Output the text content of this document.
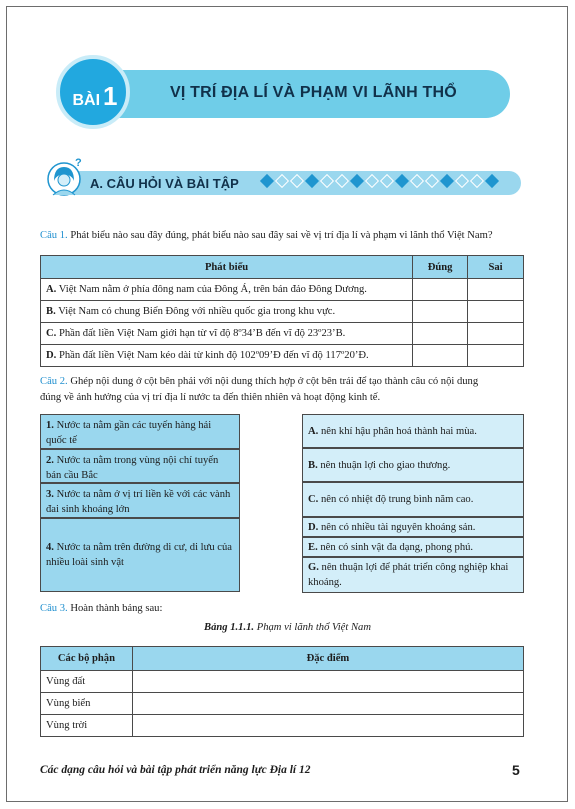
BÀI 1	VỊ TRÍ ĐỊA LÍ VÀ PHẠM VI LÃNH THỔ
?
A. CÂU HỎI VÀ BÀI TẬP
Câu 1. Phát biểu nào sau đây đúng, phát biểu nào sau đây sai về vị trí địa lí và phạm vi lãnh thổ Việt Nam?
Phát biểu	Đúng	Sai
A. Việt Nam nằm ở phía đông nam của Đông Á, trên bán đảo Đông Dương.		
B. Việt Nam có chung Biển Đông với nhiều quốc gia trong khu vực.		
C. Phần đất liền Việt Nam giới hạn từ vĩ độ 8º34’B đến vĩ độ 23º23’B.		
D. Phần đất liền Việt Nam kéo dài từ kinh độ 102º09’Đ đến vĩ độ 117º20’Đ.		
Câu 2. Ghép nội dung ở cột bên phải với nội dung thích hợp ở cột bên trái để tạo thành câu có nội dung
đúng về ảnh hưởng của vị trí địa lí nước ta đến thiên nhiên và hoạt động kinh tế.
1. Nước ta nằm gần các tuyến hàng hải quốc tế
2. Nước ta nằm trong vùng nội chí tuyến bán cầu Bắc
3. Nước ta nằm ở vị trí liền kề với các vành đai sinh khoáng lớn
4. Nước ta nằm trên đường di cư, di lưu của nhiều loài sinh vật
A. nên khí hậu phân hoá thành hai mùa.
B. nên thuận lợi cho giao thương.
C. nên có nhiệt độ trung bình năm cao.
D. nên có nhiều tài nguyên khoáng sản.
E. nên có sinh vật đa dạng, phong phú.
G. nên thuận lợi để phát triển công nghiệp khai khoáng.
Câu 3. Hoàn thành bảng sau:
Bảng 1.1.1. Phạm vi lãnh thổ Việt Nam
Các bộ phận	Đặc điểm
Vùng đất	
Vùng biển	
Vùng trời	
Các dạng câu hỏi và bài tập phát triển năng lực Địa lí 12	5
